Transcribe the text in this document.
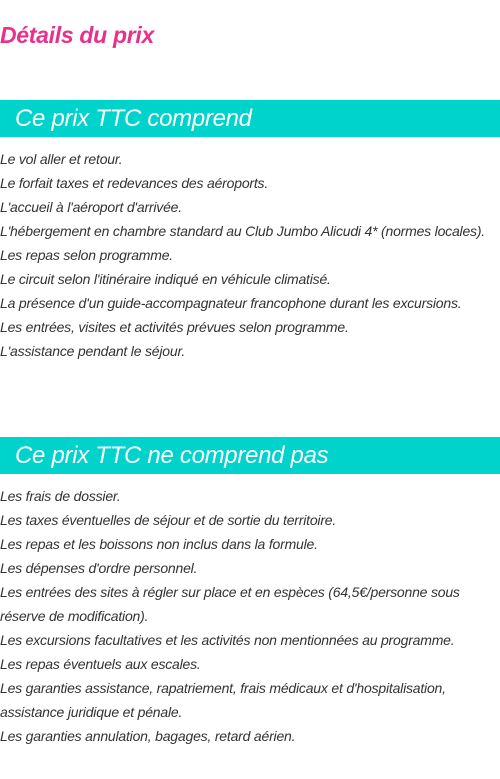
Détails du prix
Ce prix TTC comprend
Le vol aller et retour.
Le forfait taxes et redevances des aéroports.
L'accueil à l'aéroport d'arrivée.
L'hébergement en chambre standard au Club Jumbo Alicudi 4* (normes locales).
Les repas selon programme.
Le circuit selon l'itinéraire indiqué en véhicule climatisé.
La présence d'un guide-accompagnateur francophone durant les excursions.
Les entrées, visites et activités prévues selon programme.
L'assistance pendant le séjour.
Ce prix TTC ne comprend pas
Les frais de dossier.
Les taxes éventuelles de séjour et de sortie du territoire.
Les repas et les boissons non inclus dans la formule.
Les dépenses d'ordre personnel.
Les entrées des sites à régler sur place et en espèces (64,5€/personne sous réserve de modification).
Les excursions facultatives et les activités non mentionnées au programme.
Les repas éventuels aux escales.
Les garanties assistance, rapatriement, frais médicaux et d'hospitalisation, assistance juridique et pénale.
Les garanties annulation, bagages, retard aérien.
